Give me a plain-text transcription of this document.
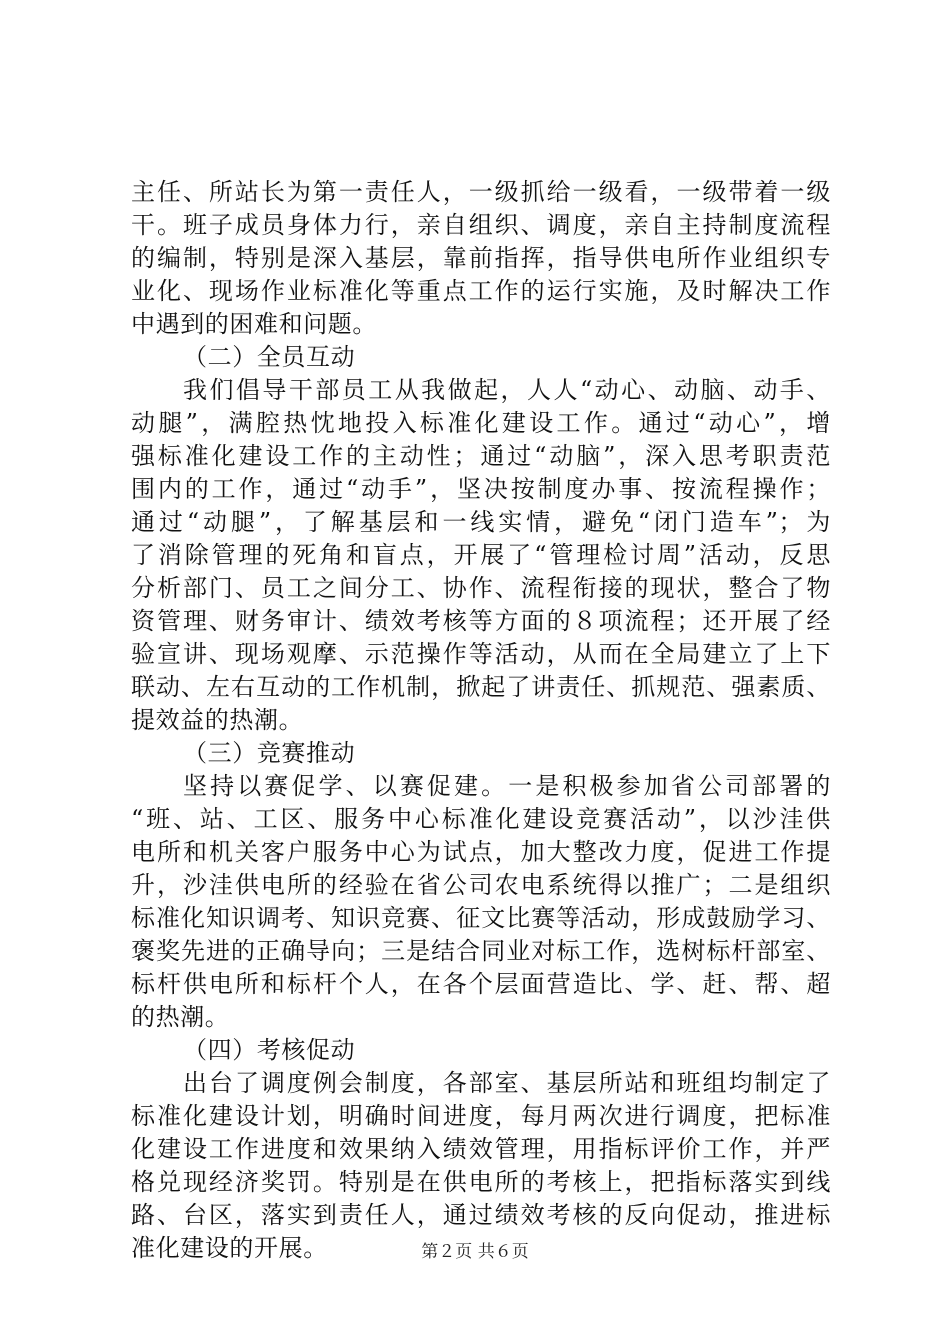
主任、所站长为第一责任人，一级抓给一级看，一级带着一级
干。班子成员身体力行，亲自组织、调度，亲自主持制度流程
的编制，特别是深入基层，靠前指挥，指导供电所作业组织专
业化、现场作业标准化等重点工作的运行实施，及时解决工作
中遇到的困难和问题。
（二）全员互动
我们倡导干部员工从我做起，人人“动心、动脑、动手、
动腿”，满腔热忱地投入标准化建设工作。通过“动心”，增
强标准化建设工作的主动性；通过“动脑”，深入思考职责范
围内的工作，通过“动手”，坚决按制度办事、按流程操作；
通过“动腿”，了解基层和一线实情，避免“闭门造车”；为
了消除管理的死角和盲点，开展了“管理检讨周”活动，反思
分析部门、员工之间分工、协作、流程衔接的现状，整合了物
资管理、财务审计、绩效考核等方面的８项流程；还开展了经
验宣讲、现场观摩、示范操作等活动，从而在全局建立了上下
联动、左右互动的工作机制，掀起了讲责任、抓规范、强素质、
提效益的热潮。
（三）竞赛推动
坚持以赛促学、以赛促建。一是积极参加省公司部署的
“班、站、工区、服务中心标准化建设竞赛活动”，以沙洼供
电所和机关客户服务中心为试点，加大整改力度，促进工作提
升，沙洼供电所的经验在省公司农电系统得以推广；二是组织
标准化知识调考、知识竞赛、征文比赛等活动，形成鼓励学习、
褒奖先进的正确导向；三是结合同业对标工作，选树标杆部室、
标杆供电所和标杆个人，在各个层面营造比、学、赶、帮、超
的热潮。
（四）考核促动
出台了调度例会制度，各部室、基层所站和班组均制定了
标准化建设计划，明确时间进度，每月两次进行调度，把标准
化建设工作进度和效果纳入绩效管理，用指标评价工作，并严
格兑现经济奖罚。特别是在供电所的考核上，把指标落实到线
路、台区，落实到责任人，通过绩效考核的反向促动，推进标
准化建设的开展。	第２页 共６页
